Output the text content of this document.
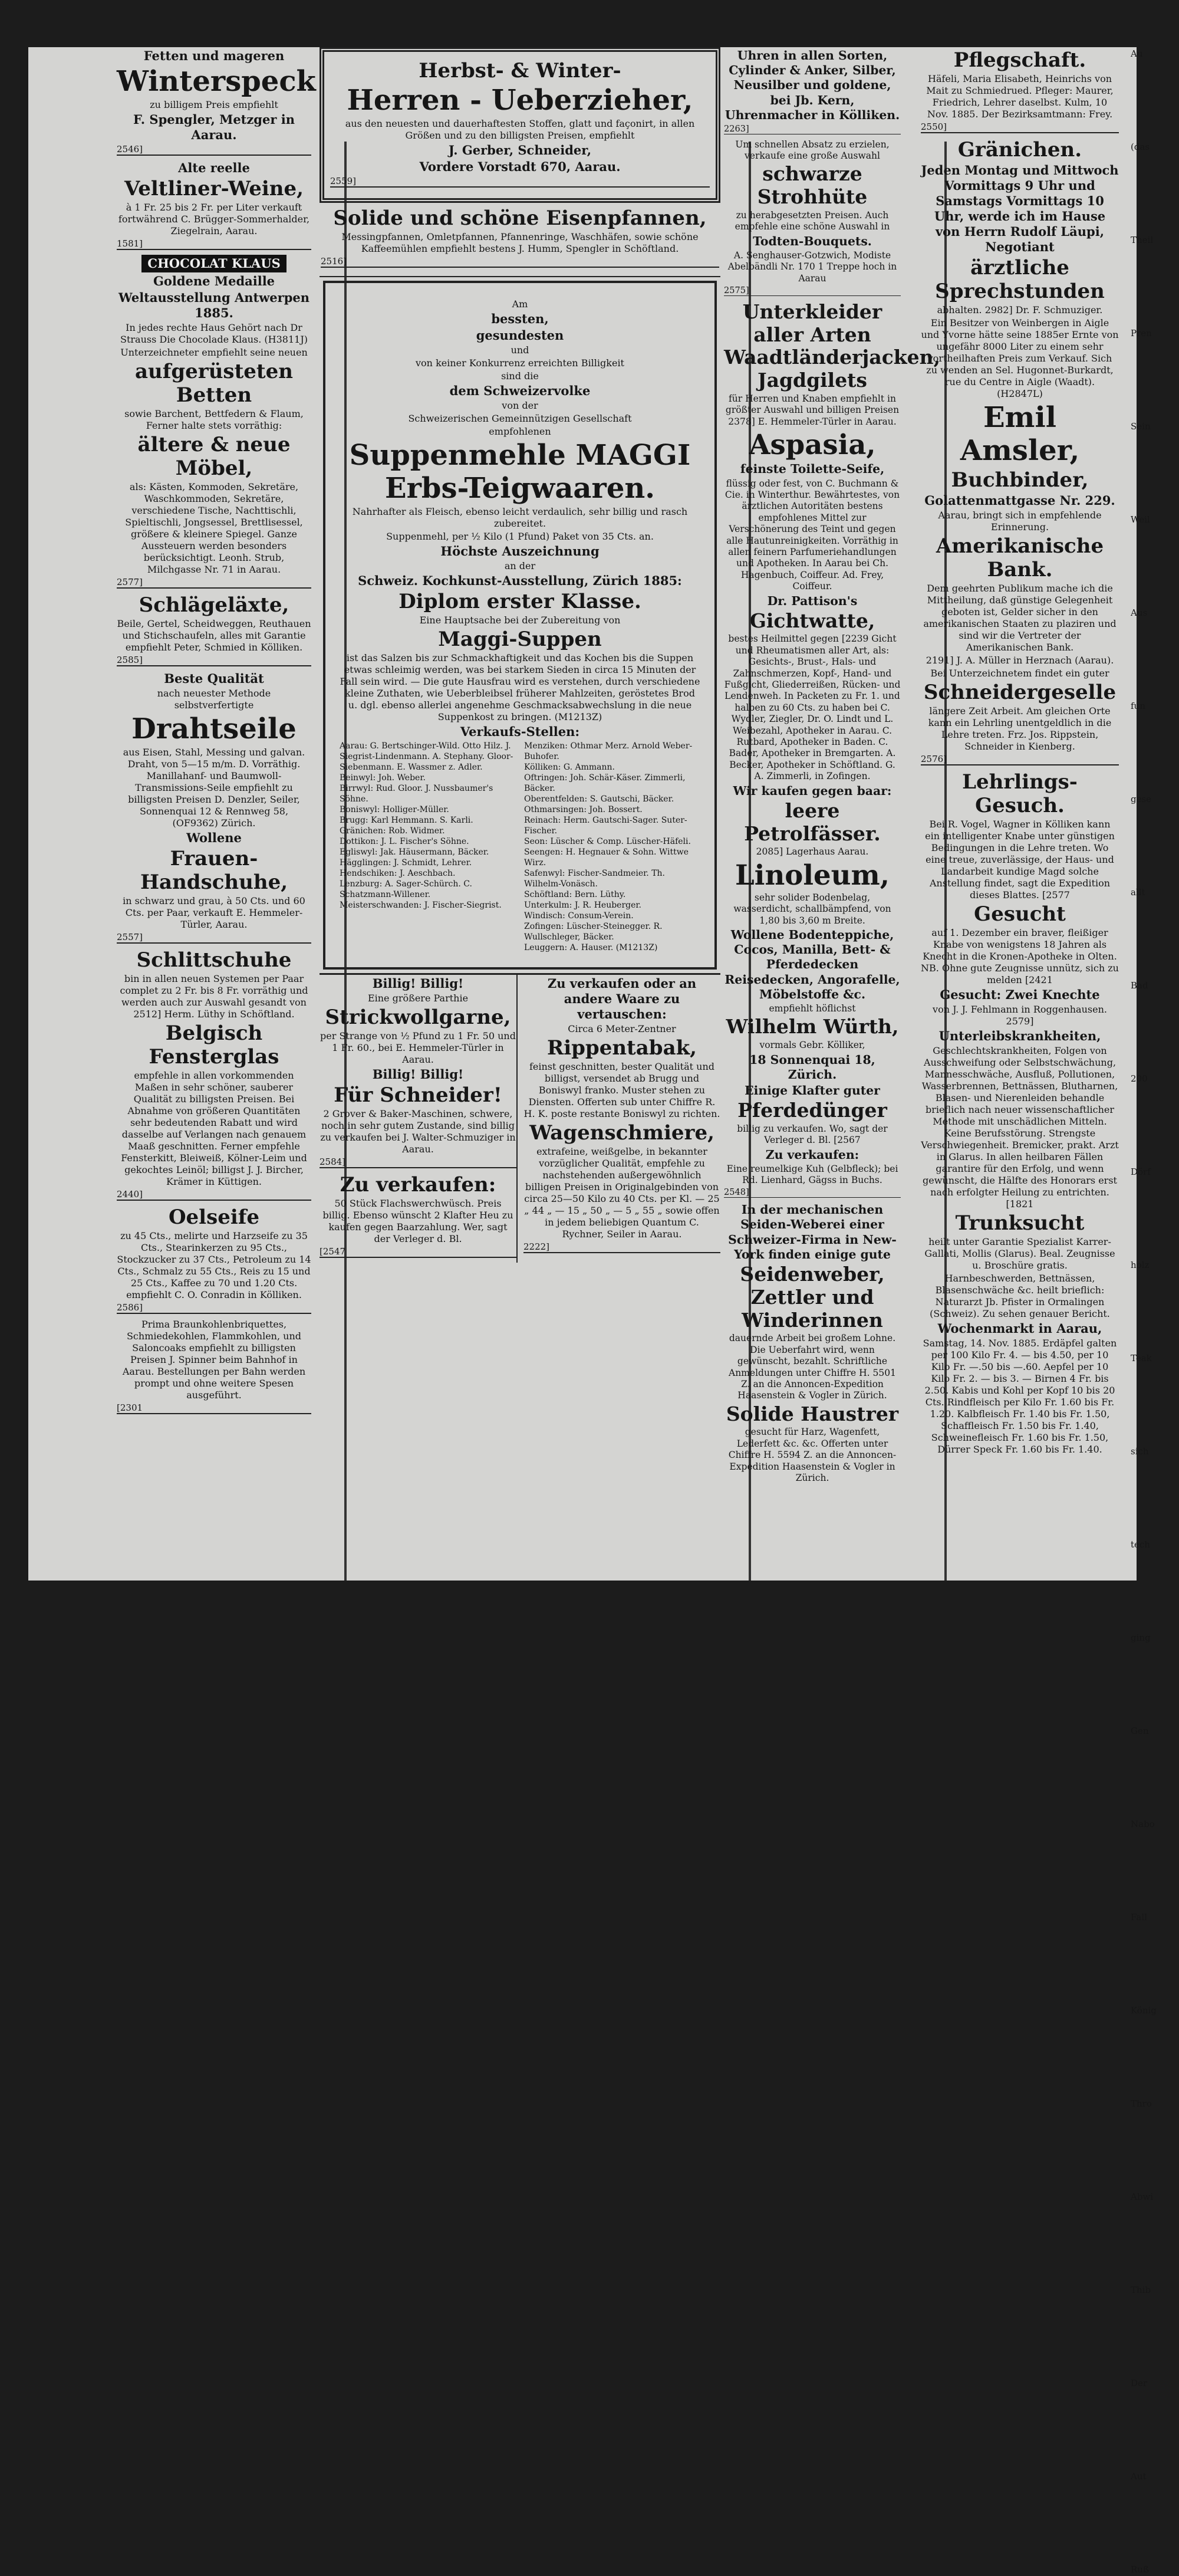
Fetten und mageren
Winterspeck
zu billigem Preis empfiehlt
F. Spengler, Metzger in Aarau.
2546]
Alte reelle
Veltliner-Weine,
à 1 Fr. 25 bis 2 Fr. per Liter verkauft fortwährend C. Brügger-Sommerhalder, Ziegelrain, Aarau.
1581]
CHOCOLAT KLAUS
Goldene Medaille
Weltausstellung Antwerpen 1885.
In jedes rechte Haus Gehört nach Dr Strauss Die Chocolade Klaus. (H3811J)
Unterzeichneter empfiehlt seine neuen
aufgerüsteten Betten
sowie Barchent, Bettfedern & Flaum, Ferner halte stets vorräthig:
ältere & neue Möbel,
als: Kästen, Kommoden, Sekretäre, Waschkommoden, Sekretäre, verschiedene Tische, Nachttischli, Spieltischli, Jongsessel, Brettlisessel, größere & kleinere Spiegel. Ganze Aussteuern werden besonders berücksichtigt. Leonh. Strub, Milchgasse Nr. 71 in Aarau.
2577]
Schlägeläxte,
Beile, Gertel, Scheidweggen, Reuthauen und Stichschaufeln, alles mit Garantie empfiehlt Peter, Schmied in Kölliken.
2585]
Beste Qualität
nach neuester Methode selbstverfertigte
Drahtseile
aus Eisen, Stahl, Messing und galvan. Draht, von 5—15 m/m. D. Vorräthig. Manillahanf- und Baumwoll-Transmissions-Seile empfiehlt zu billigsten Preisen D. Denzler, Seiler, Sonnenquai 12 & Rennweg 58, (OF9362) Zürich.
Wollene
Frauen-Handschuhe,
in schwarz und grau, à 50 Cts. und 60 Cts. per Paar, verkauft E. Hemmeler-Türler, Aarau.
2557]
Schlittschuhe
bin in allen neuen Systemen per Paar complet zu 2 Fr. bis 8 Fr. vorräthig und werden auch zur Auswahl gesandt von 2512] Herm. Lüthy in Schöftland.
Belgisch Fensterglas
empfehle in allen vorkommenden Maßen in sehr schöner, sauberer Qualität zu billigsten Preisen. Bei Abnahme von größeren Quantitäten sehr bedeutenden Rabatt und wird dasselbe auf Verlangen nach genauem Maaß geschnitten. Ferner empfehle Fensterkitt, Bleiweiß, Kölner-Leim und gekochtes Leinöl; billigst J. J. Bircher, Krämer in Küttigen.
2440]
Oelseife
zu 45 Cts., melirte und Harzseife zu 35 Cts., Stearinkerzen zu 95 Cts., Stockzucker zu 37 Cts., Petroleum zu 14 Cts., Schmalz zu 55 Cts., Reis zu 15 und 25 Cts., Kaffee zu 70 und 1.20 Cts. empfiehlt C. O. Conradin in Kölliken.
2586]
Prima Braunkohlenbriquettes, Schmiedekohlen, Flammkohlen, und Saloncoaks empfiehlt zu billigsten Preisen J. Spinner beim Bahnhof in Aarau. Bestellungen per Bahn werden prompt und ohne weitere Spesen ausgeführt.
[2301
Herbst- & Winter-
Herren - Ueberzieher,
aus den neuesten und dauerhaftesten Stoffen, glatt und façonirt, in allen Größen und zu den billigsten Preisen, empfiehlt
J. Gerber, Schneider,
Vordere Vorstadt 670, Aarau.
2559]
Solide und schöne Eisenpfannen,
Messingpfannen, Omletpfannen, Pfannenringe, Waschhäfen, sowie schöne Kaffeemühlen empfiehlt bestens J. Humm, Spengler in Schöftland.
2516]
Am
bessten,
gesundesten
und
von keiner Konkurrenz erreichten Billigkeit
sind die
dem Schweizervolke
von der
Schweizerischen Gemeinnützigen Gesellschaft
empfohlenen
Suppenmehle MAGGI Erbs-Teigwaaren.
Nahrhafter als Fleisch, ebenso leicht verdaulich, sehr billig und rasch zubereitet.
Suppenmehl, per ½ Kilo (1 Pfund) Paket von 35 Cts. an.
Höchste Auszeichnung
an der
Schweiz. Kochkunst-Ausstellung, Zürich 1885:
Diplom erster Klasse.
Eine Hauptsache bei der Zubereitung von
Maggi-Suppen
ist das Salzen bis zur Schmackhaftigkeit und das Kochen bis die Suppen etwas schleimig werden, was bei starkem Sieden in circa 15 Minuten der Fall sein wird. — Die gute Hausfrau wird es verstehen, durch verschiedene kleine Zuthaten, wie Ueberbleibsel früherer Mahlzeiten, geröstetes Brod u. dgl. ebenso allerlei angenehme Geschmacksabwechslung in die neue Suppenkost zu bringen. (M1213Z)
Verkaufs-Stellen:
Aarau: G. Bertschinger-Wild. Otto Hilz. J. Siegrist-Lindenmann. A. Stephany. Gloor-Siebenmann. E. Wassmer z. Adler.
Beinwyl: Joh. Weber.
Birrwyl: Rud. Gloor. J. Nussbaumer's Söhne.
Boniswyl: Holliger-Müller.
Brugg: Karl Hemmann. S. Karli.
Gränichen: Rob. Widmer.
Dottikon: J. L. Fischer's Söhne.
Egliswyl: Jak. Häusermann, Bäcker.
Hägglingen: J. Schmidt, Lehrer.
Hendschiken: J. Aeschbach.
Lenzburg: A. Sager-Schürch. C. Schatzmann-Willener.
Meisterschwanden: J. Fischer-Siegrist.
Menziken: Othmar Merz. Arnold Weber-Buhofer.
Kölliken: G. Ammann.
Oftringen: Joh. Schär-Käser. Zimmerli, Bäcker.
Oberentfelden: S. Gautschi, Bäcker.
Othmarsingen: Joh. Bossert.
Reinach: Herm. Gautschi-Sager. Suter-Fischer.
Seon: Lüscher & Comp. Lüscher-Häfeli.
Seengen: H. Hegnauer & Sohn. Wittwe Wirz.
Safenwyl: Fischer-Sandmeier. Th. Wilhelm-Vonäsch.
Schöftland: Bern. Lüthy.
Unterkulm: J. R. Heuberger.
Windisch: Consum-Verein.
Zofingen: Lüscher-Steinegger. R. Wullschleger, Bäcker.
Leuggern: A. Hauser. (M1213Z)
Billig! Billig!
Eine größere Parthie
Strickwollgarne,
per Strange von ½ Pfund zu 1 Fr. 50 und 1 Fr. 60., bei E. Hemmeler-Türler in Aarau.
Billig! Billig!
Für Schneider!
2 Grover & Baker-Maschinen, schwere, noch in sehr gutem Zustande, sind billig zu verkaufen bei J. Walter-Schmuziger in Aarau.
2584]
Zu verkaufen:
50 Stück Flachswerchwüsch. Preis billig. Ebenso wünscht 2 Klafter Heu zu kaufen gegen Baarzahlung. Wer, sagt der Verleger d. Bl.
[2547
Zu verkaufen oder an andere Waare zu vertauschen:
Circa 6 Meter-Zentner
Rippentabak,
feinst geschnitten, bester Qualität und billigst, versendet ab Brugg und Boniswyl franko. Muster stehen zu Diensten. Offerten sub unter Chiffre R. H. K. poste restante Boniswyl zu richten.
Wagenschmiere,
extrafeine, weißgelbe, in bekannter vorzüglicher Qualität, empfehle zu nachstehenden außergewöhnlich billigen Preisen in Originalgebinden von circa 25—50 Kilo zu 40 Cts. per Kl. — 25 „ 44 „ — 15 „ 50 „ — 5 „ 55 „ sowie offen in jedem beliebigen Quantum C. Rychner, Seiler in Aarau.
2222]
Uhren in allen Sorten, Cylinder & Anker, Silber, Neusilber und goldene, bei Jb. Kern, Uhrenmacher in Kölliken.
2263]
Um schnellen Absatz zu erzielen, verkaufe eine große Auswahl
schwarze Strohhüte
zu herabgesetzten Preisen. Auch empfehle eine schöne Auswahl in
Todten-Bouquets.
A. Senghauser-Gotzwich, Modiste Abelbändli Nr. 170 1 Treppe hoch in Aarau
2575]
Unterkleider aller Arten Waadtländerjacken, Jagdgilets
für Herren und Knaben empfiehlt in größter Auswahl und billigen Preisen 2378] E. Hemmeler-Türler in Aarau.
Aspasia,
feinste Toilette-Seife,
flüssig oder fest, von C. Buchmann & Cie. in Winterthur. Bewährtestes, von ärztlichen Autoritäten bestens empfohlenes Mittel zur Verschönerung des Teint und gegen alle Hautunreinigkeiten. Vorräthig in allen feinern Parfumeriehandlungen und Apotheken. In Aarau bei Ch. Hagenbuch, Coiffeur. Ad. Frey, Coiffeur.
Dr. Pattison's
Gichtwatte,
bestes Heilmittel gegen [2239 Gicht und Rheumatismen aller Art, als: Gesichts-, Brust-, Hals- und Zahnschmerzen, Kopf-, Hand- und Fußgicht, Gliederreißen, Rücken- und Lendenweh. In Packeten zu Fr. 1. und halben zu 60 Cts. zu haben bei C. Wydler, Ziegler, Dr. O. Lindt und L. Weibezahl, Apotheker in Aarau. C. Rutbard, Apotheker in Baden. C. Bader, Apotheker in Bremgarten. A. Becker, Apotheker in Schöftland. G. A. Zimmerli, in Zofingen.
Wir kaufen gegen baar:
leere Petrolfässer.
2085] Lagerhaus Aarau.
Linoleum,
sehr solider Bodenbelag, wasserdicht, schallbämpfend, von 1,80 bis 3,60 m Breite.
Wollene Bodenteppiche, Cocos, Manilla, Bett- & Pferdedecken Reisedecken, Angorafelle, Möbelstoffe &c.
empfiehlt höflichst
Wilhelm Würth,
vormals Gebr. Kölliker,
18 Sonnenquai 18, Zürich.
Einige Klafter guter
Pferdedünger
billig zu verkaufen. Wo, sagt der Verleger d. Bl. [2567
Zu verkaufen:
Eine reumelkige Kuh (Gelbfleck); bei Rd. Lienhard, Gägss in Buchs.
2548]
In der mechanischen Seiden-Weberei einer Schweizer-Firma in New-York finden einige gute
Seidenweber, Zettler und Winderinnen
dauernde Arbeit bei großem Lohne. Die Ueberfahrt wird, wenn gewünscht, bezahlt. Schriftliche Anmeldungen unter Chiffre H. 5501 Z. an die Annoncen-Expedition Haasenstein & Vogler in Zürich.
Solide Haustrer
gesucht für Harz, Wagenfett, Lederfett &c. &c. Offerten unter Chiffre H. 5594 Z. an die Annoncen-Expedition Haasenstein & Vogler in Zürich.
Pflegschaft.
Häfeli, Maria Elisabeth, Heinrichs von Mait zu Schmiedrued. Pfleger: Maurer, Friedrich, Lehrer daselbst. Kulm, 10 Nov. 1885. Der Bezirksamtmann: Frey.
2550]
Gränichen.
Jeden Montag und Mittwoch Vormittags 9 Uhr und Samstags Vormittags 10 Uhr, werde ich im Hause von Herrn Rudolf Läupi, Negotiant
ärztliche Sprechstunden
abhalten. 2982] Dr. F. Schmuziger.
Ein Besitzer von Weinbergen in Aigle und Yvorne hätte seine 1885er Ernte von ungefähr 8000 Liter zu einem sehr vortheilhaften Preis zum Verkauf. Sich zu wenden an Sel. Hugonnet-Burkardt, rue du Centre in Aigle (Waadt). (H2847L)
Emil Amsler,
Buchbinder,
Golattenmattgasse Nr. 229.
Aarau, bringt sich in empfehlende Erinnerung.
Amerikanische Bank.
Dem geehrten Publikum mache ich die Mittheilung, daß günstige Gelegenheit geboten ist, Gelder sicher in den amerikanischen Staaten zu plaziren und sind wir die Vertreter der Amerikanischen Bank.
2191] J. A. Müller in Herznach (Aarau).
Bei Unterzeichnetem findet ein guter
Schneidergeselle
längere Zeit Arbeit. Am gleichen Orte kann ein Lehrling unentgeldlich in die Lehre treten. Frz. Jos. Rippstein, Schneider in Kienberg.
2576]
Lehrlings-Gesuch.
Bei R. Vogel, Wagner in Kölliken kann ein intelligenter Knabe unter günstigen Bedingungen in die Lehre treten. Wo eine treue, zuverlässige, der Haus- und Landarbeit kundige Magd solche Anstellung findet, sagt die Expedition dieses Blattes. [2577
Gesucht
auf 1. Dezember ein braver, fleißiger Knabe von wenigstens 18 Jahren als Knecht in die Kronen-Apotheke in Olten. NB. Ohne gute Zeugnisse unnütz, sich zu melden [2421
Gesucht: Zwei Knechte
von J. J. Fehlmann in Roggenhausen. 2579]
Unterleibskrankheiten,
Geschlechtskrankheiten, Folgen von Ausschweifung oder Selbstschwächung, Mannesschwäche, Ausfluß, Pollutionen, Wasserbrennen, Bettnässen, Blutharnen, Blasen- und Nierenleiden behandle brieflich nach neuer wissenschaftlicher Methode mit unschädlichen Mitteln. Keine Berufsstörung. Strengste Verschwiegenheit. Bremicker, prakt. Arzt in Glarus. In allen heilbaren Fällen garantire für den Erfolg, und wenn gewünscht, die Hälfte des Honorars erst nach erfolgter Heilung zu entrichten. [1821
Trunksucht
heilt unter Garantie Spezialist Karrer-Gallati, Mollis (Glarus). Beal. Zeugnisse u. Broschüre gratis.
Harnbeschwerden, Bettnässen, Blasenschwäche &c. heilt brieflich: Naturarzt Jb. Pfister in Ormalingen (Schweiz). Zu sehen genauer Bericht.
Wochenmarkt in Aarau,
Samstag, 14. Nov. 1885. Erdäpfel galten per 100 Kilo Fr. 4. — bis 4.50, per 10 Kilo Fr. —.50 bis —.60. Aepfel per 10 Kilo Fr. 2. — bis 3. — Birnen 4 Fr. bis 2.50. Kabis und Kohl per Kopf 10 bis 20 Cts. Rindfleisch per Kilo Fr. 1.60 bis Fr. 1.20. Kalbfleisch Fr. 1.40 bis Fr. 1.50, Schaffleisch Fr. 1.50 bis Fr. 1.40, Schweinefleisch Fr. 1.60 bis Fr. 1.50, Dürrer Speck Fr. 1.60 bis Fr. 1.40.
Au
(das
Theil
Pren
Sein
Weil
Aus
fun
gese
allt
Bad
200
Dörf
holz
Teak
sich
tech
ging
Gen
Nabo
Fall
König
Thro
Abwi
Thib
Der
Aut
Ruß
